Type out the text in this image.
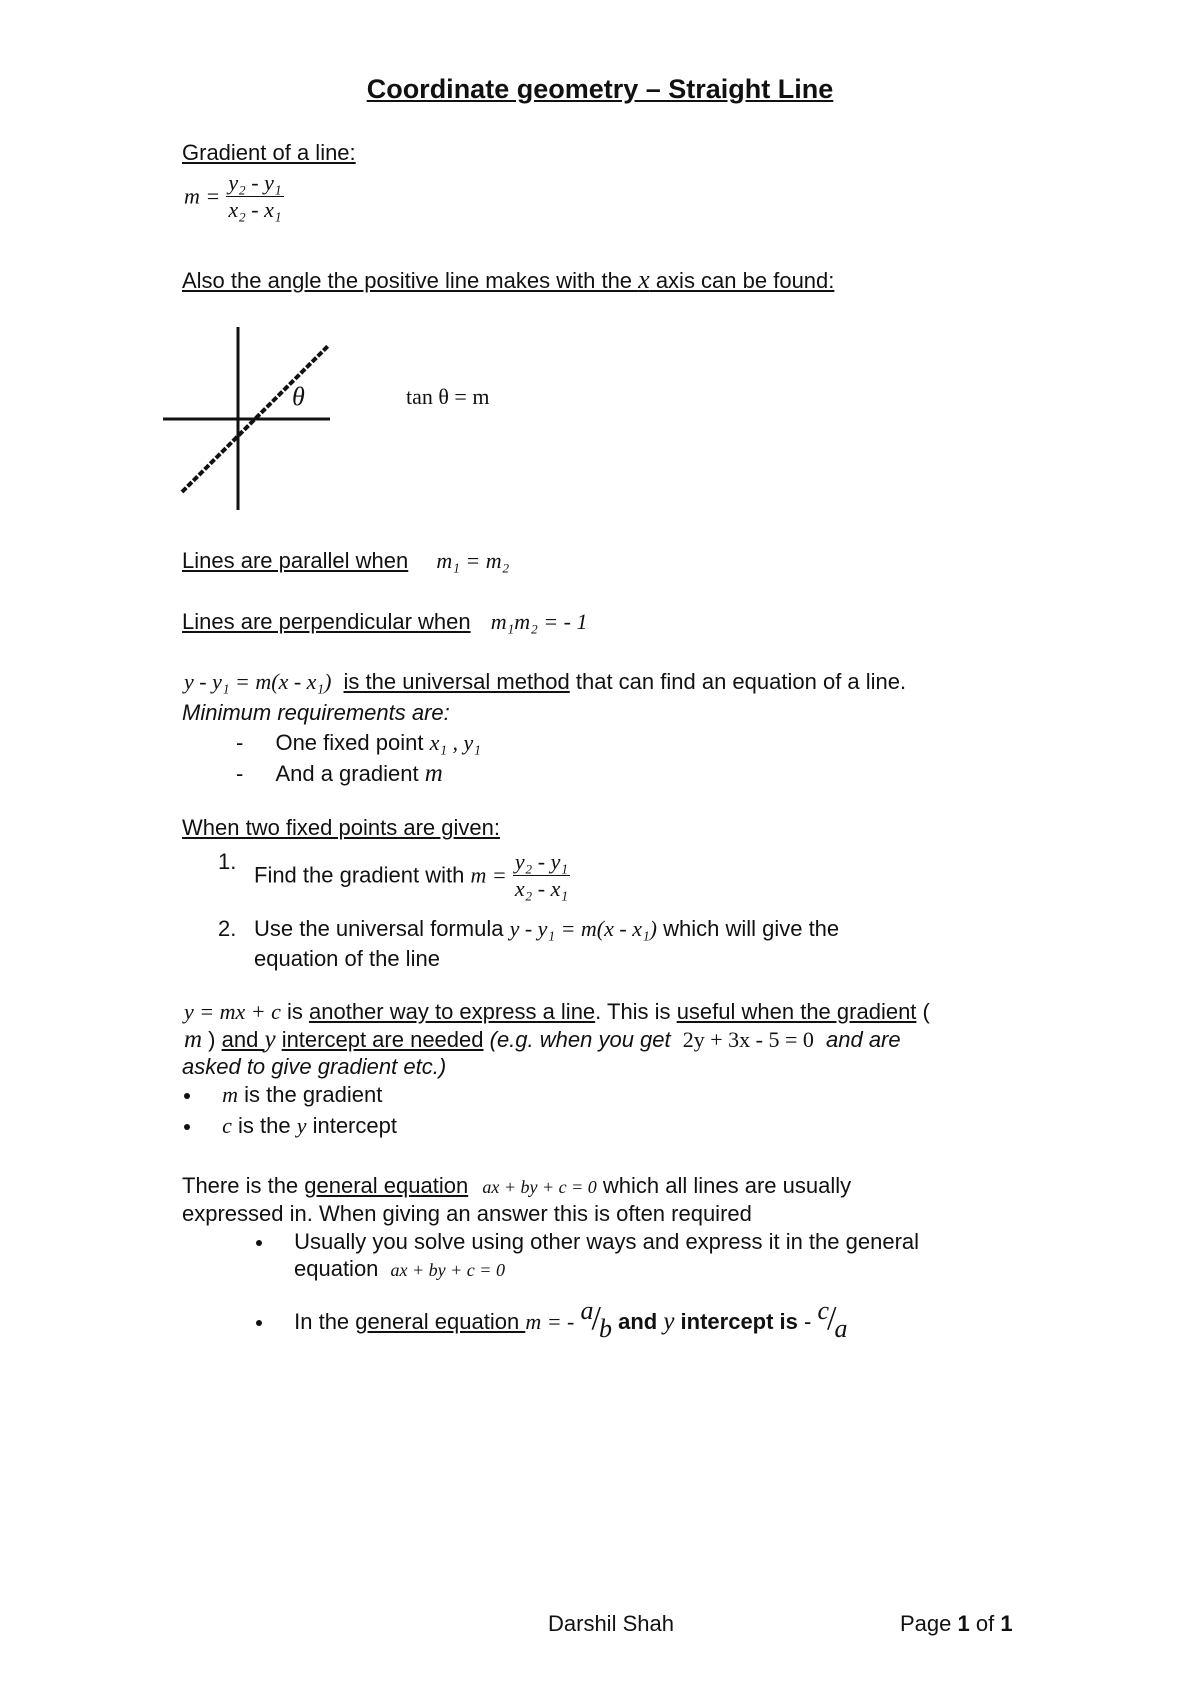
Coordinate geometry – Straight Line
Gradient of a line:
$m = \frac{\text{y₂ - y₁}}{\text{x₂ - x₁}}$
Also the angle the positive line makes with the x axis can be found:
θ	tan θ = m
Lines are parallel when m₁ = m₂
Lines are perpendicular when m₁m₂ = - 1
y - y₁ = m(x - x₁) is the universal method that can find an equation of a line.
Minimum requirements are:
- One fixed point x₁ , y₁
- And a gradient m
When two fixed points are given:
1.
Find the gradient with $m = \frac{\text{y₂ - y₁}}{\text{x₂ - x₁}}$
2. Use the universal formula y - y₁ = m(x - x₁) which will give the
equation of the line
y = mx + c is another way to express a line. This is useful when the gradient (
m ) and y intercept are needed (e.g. when you get 2y + 3x - 5 = 0 and are
asked to give gradient etc.)
m is the gradient
c is the y intercept
There is the general equation ax + by + c = 0 which all lines are usually
expressed in. When giving an answer this is often required
Usually you solve using other ways and express it in the general
equation ax + by + c = 0
In the general equation m = - a/b and y intercept is - c/a
Darshil Shah	Page 1 of 1
